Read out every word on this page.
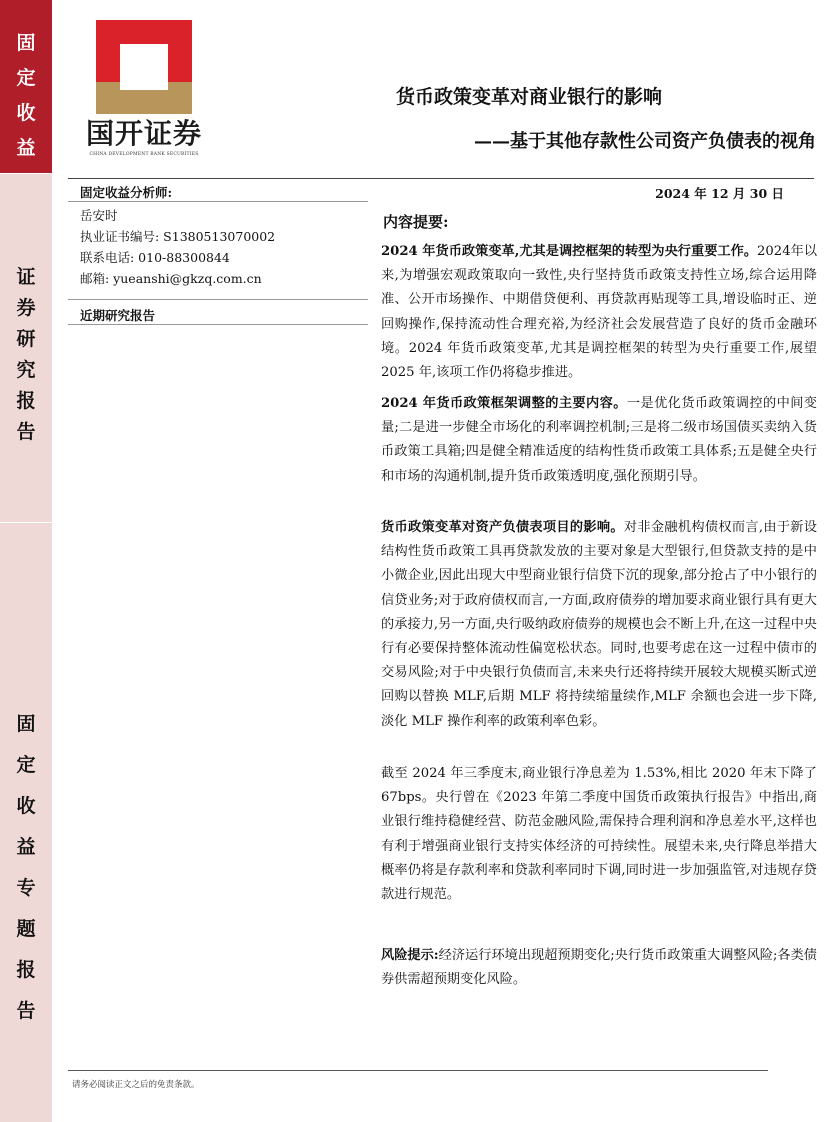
固
定
收
益
证
券
研
究
报
告
固
定
收
益
专
题
报
告
国开证券
CHINA DEVELOPMENT BANK SECURITIES
货币政策变革对商业银行的影响
——基于其他存款性公司资产负债表的视角
固定收益分析师:
岳安时
执业证书编号: S1380513070002
联系电话: 010-88300844
邮箱: yueanshi@gkzq.com.cn
近期研究报告
2024 年 12 月 30 日
内容提要:
2024 年货币政策变革,尤其是调控框架的转型为央行重要工作。2024年以来,为增强宏观政策取向一致性,央行坚持货币政策支持性立场,综合运用降准、公开市场操作、中期借贷便利、再贷款再贴现等工具,增设临时正、逆回购操作,保持流动性合理充裕,为经济社会发展营造了良好的货币金融环境。2024 年货币政策变革,尤其是调控框架的转型为央行重要工作,展望 2025 年,该项工作仍将稳步推进。
2024 年货币政策框架调整的主要内容。一是优化货币政策调控的中间变量;二是进一步健全市场化的利率调控机制;三是将二级市场国债买卖纳入货币政策工具箱;四是健全精准适度的结构性货币政策工具体系;五是健全央行和市场的沟通机制,提升货币政策透明度,强化预期引导。
货币政策变革对资产负债表项目的影响。对非金融机构债权而言,由于新设结构性货币政策工具再贷款发放的主要对象是大型银行,但贷款支持的是中小微企业,因此出现大中型商业银行信贷下沉的现象,部分抢占了中小银行的信贷业务;对于政府债权而言,一方面,政府债券的增加要求商业银行具有更大的承接力,另一方面,央行吸纳政府债券的规模也会不断上升,在这一过程中央行有必要保持整体流动性偏宽松状态。同时,也要考虑在这一过程中债市的交易风险;对于中央银行负债而言,未来央行还将持续开展较大规模买断式逆回购以替换 MLF,后期 MLF 将持续缩量续作,MLF 余额也会进一步下降,淡化 MLF 操作利率的政策利率色彩。
截至 2024 年三季度末,商业银行净息差为 1.53%,相比 2020 年末下降了 67bps。央行曾在《2023 年第二季度中国货币政策执行报告》中指出,商业银行维持稳健经营、防范金融风险,需保持合理利润和净息差水平,这样也有利于增强商业银行支持实体经济的可持续性。展望未来,央行降息举措大概率仍将是存款利率和贷款利率同时下调,同时进一步加强监管,对违规存贷款进行规范。
风险提示:经济运行环境出现超预期变化;央行货币政策重大调整风险;各类债券供需超预期变化风险。
请务必阅读正文之后的免责条款。
